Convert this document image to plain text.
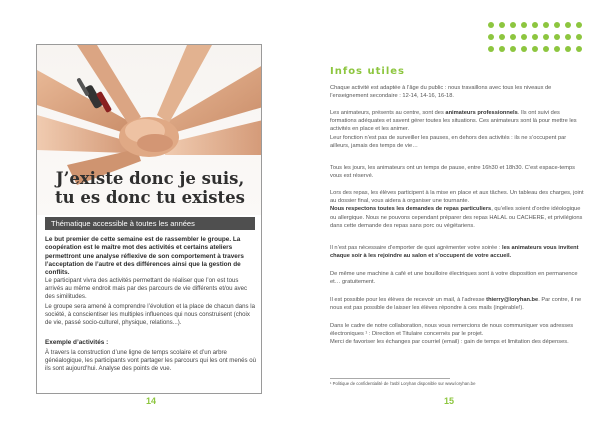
J’existe donc je suis,
tu es donc tu existes
Thématique accessible à toutes les années

Le but premier de cette semaine est de rassembler le groupe. La coopération est le maître mot des activités et certains ateliers permettront une analyse réflexive de son comportement à travers l’acceptation de l’autre et des différences ainsi que la gestion de conflits.

Le participant vivra des activités permettant de réaliser que l’on est tous arrivés au même endroit mais par des parcours de vie différents et/ou avec des similitudes.

Le groupe sera amené à comprendre l’évolution et la place de chacun dans la société, à conscientiser les multiples influences qui nous construisent (choix de vie, passé socio-culturel, physique, relations...).

Exemple d’activités :

À travers la construction d’une ligne de temps scolaire et d’un arbre généalogique, les participants vont partager les parcours qui les ont menés où ils sont aujourd’hui. Analyse des points de vue.

14
Infos utiles

Chaque activité est adaptée à l’âge du public : nous travaillons avec tous les niveaux de l’enseignement secondaire : 12-14, 14-16, 16-18.

Les animateurs, présents au centre, sont des animateurs professionnels. Ils ont suivi des formations adéquates et savent gérer toutes les situations. Ces animateurs sont là pour mettre les activités en place et les animer.
Leur fonction n’est pas de surveiller les pauses, en dehors des activités : ils ne s’occupent par ailleurs, jamais des temps de vie…

Tous les jours, les animateurs ont un temps de pause, entre 16h30 et 18h30. C’est espace-temps vous est réservé.

Lors des repas, les élèves participent à la mise en place et aux tâches. Un tableau des charges, joint au dossier final, vous aidera à organiser une tournante.
Nous respectons toutes les demandes de repas particuliers, qu’elles soient d’ordre idéologique ou allergique. Nous ne pouvons cependant préparer des repas HALAL ou CACHERE, et privilégions dans cette demande des repas sans porc ou végétariens.

Il n’est pas nécessaire d’emporter de quoi agrémenter votre soirée : les animateurs vous invitent chaque soir à les rejoindre au salon et s’occupent de votre accueil.

De même une machine à café et une bouilloire électriques sont à votre disposition en permanence et… gratuitement.

Il est possible pour les élèves de recevoir un mail, à l’adresse thierry@loryhan.be. Par contre, il ne nous est pas possible de laisser les élèves répondre à ces mails (ingérable!).

Dans le cadre de notre collaboration, nous vous remercions de nous communiquer vos adresses électroniques ¹ : Direction et Titulaire concernés par le projet.
Merci de favoriser les échanges par courriel (email) : gain de temps et limitation des dépenses.

¹ Politique de confidentialité de l’asbl Loryhan disponible sur www.loryhan.be
15
